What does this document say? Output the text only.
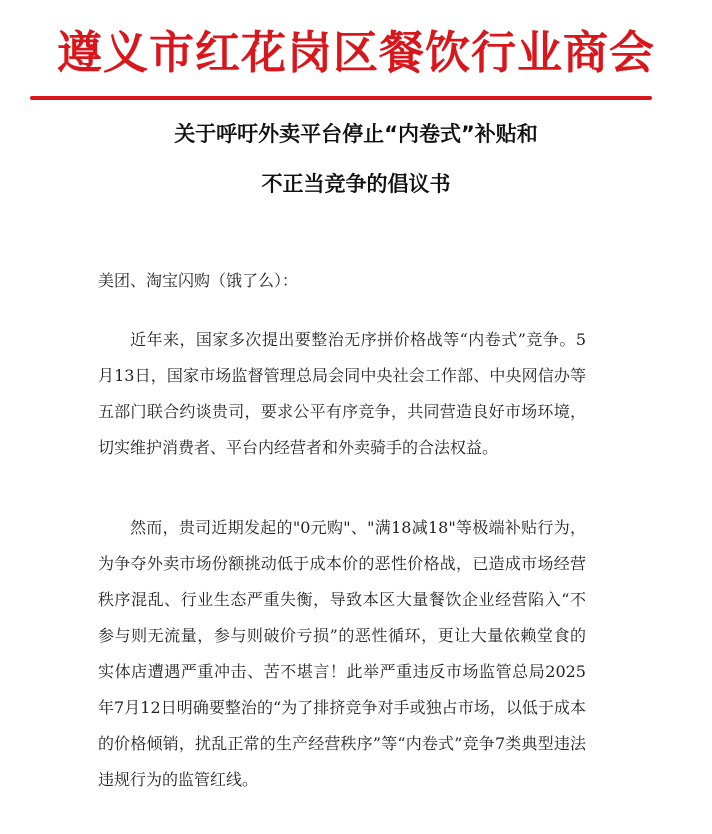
遵义市红花岗区餐饮行业商会
关于呼吁外卖平台停止“内卷式”补贴和
不正当竞争的倡议书
美团、淘宝闪购（饿了么）：

近年来，国家多次提出要整治无序拼价格战等“内卷式”竞争。5月13日，国家市场监督管理总局会同中央社会工作部、中央网信办等五部门联合约谈贵司，要求公平有序竞争，共同营造良好市场环境，切实维护消费者、平台内经营者和外卖骑手的合法权益。

然而，贵司近期发起的"0元购"、"满18减18"等极端补贴行为，为争夺外卖市场份额挑动低于成本价的恶性价格战，已造成市场经营秩序混乱、行业生态严重失衡，导致本区大量餐饮企业经营陷入“不参与则无流量，参与则破价亏损”的恶性循环，更让大量依赖堂食的实体店遭遇严重冲击、苦不堪言！此举严重违反市场监管总局2025年7月12日明确要整治的“为了排挤竞争对手或独占市场，以低于成本的价格倾销，扰乱正常的生产经营秩序”等“内卷式”竞争7类典型违法违规行为的监管红线。
